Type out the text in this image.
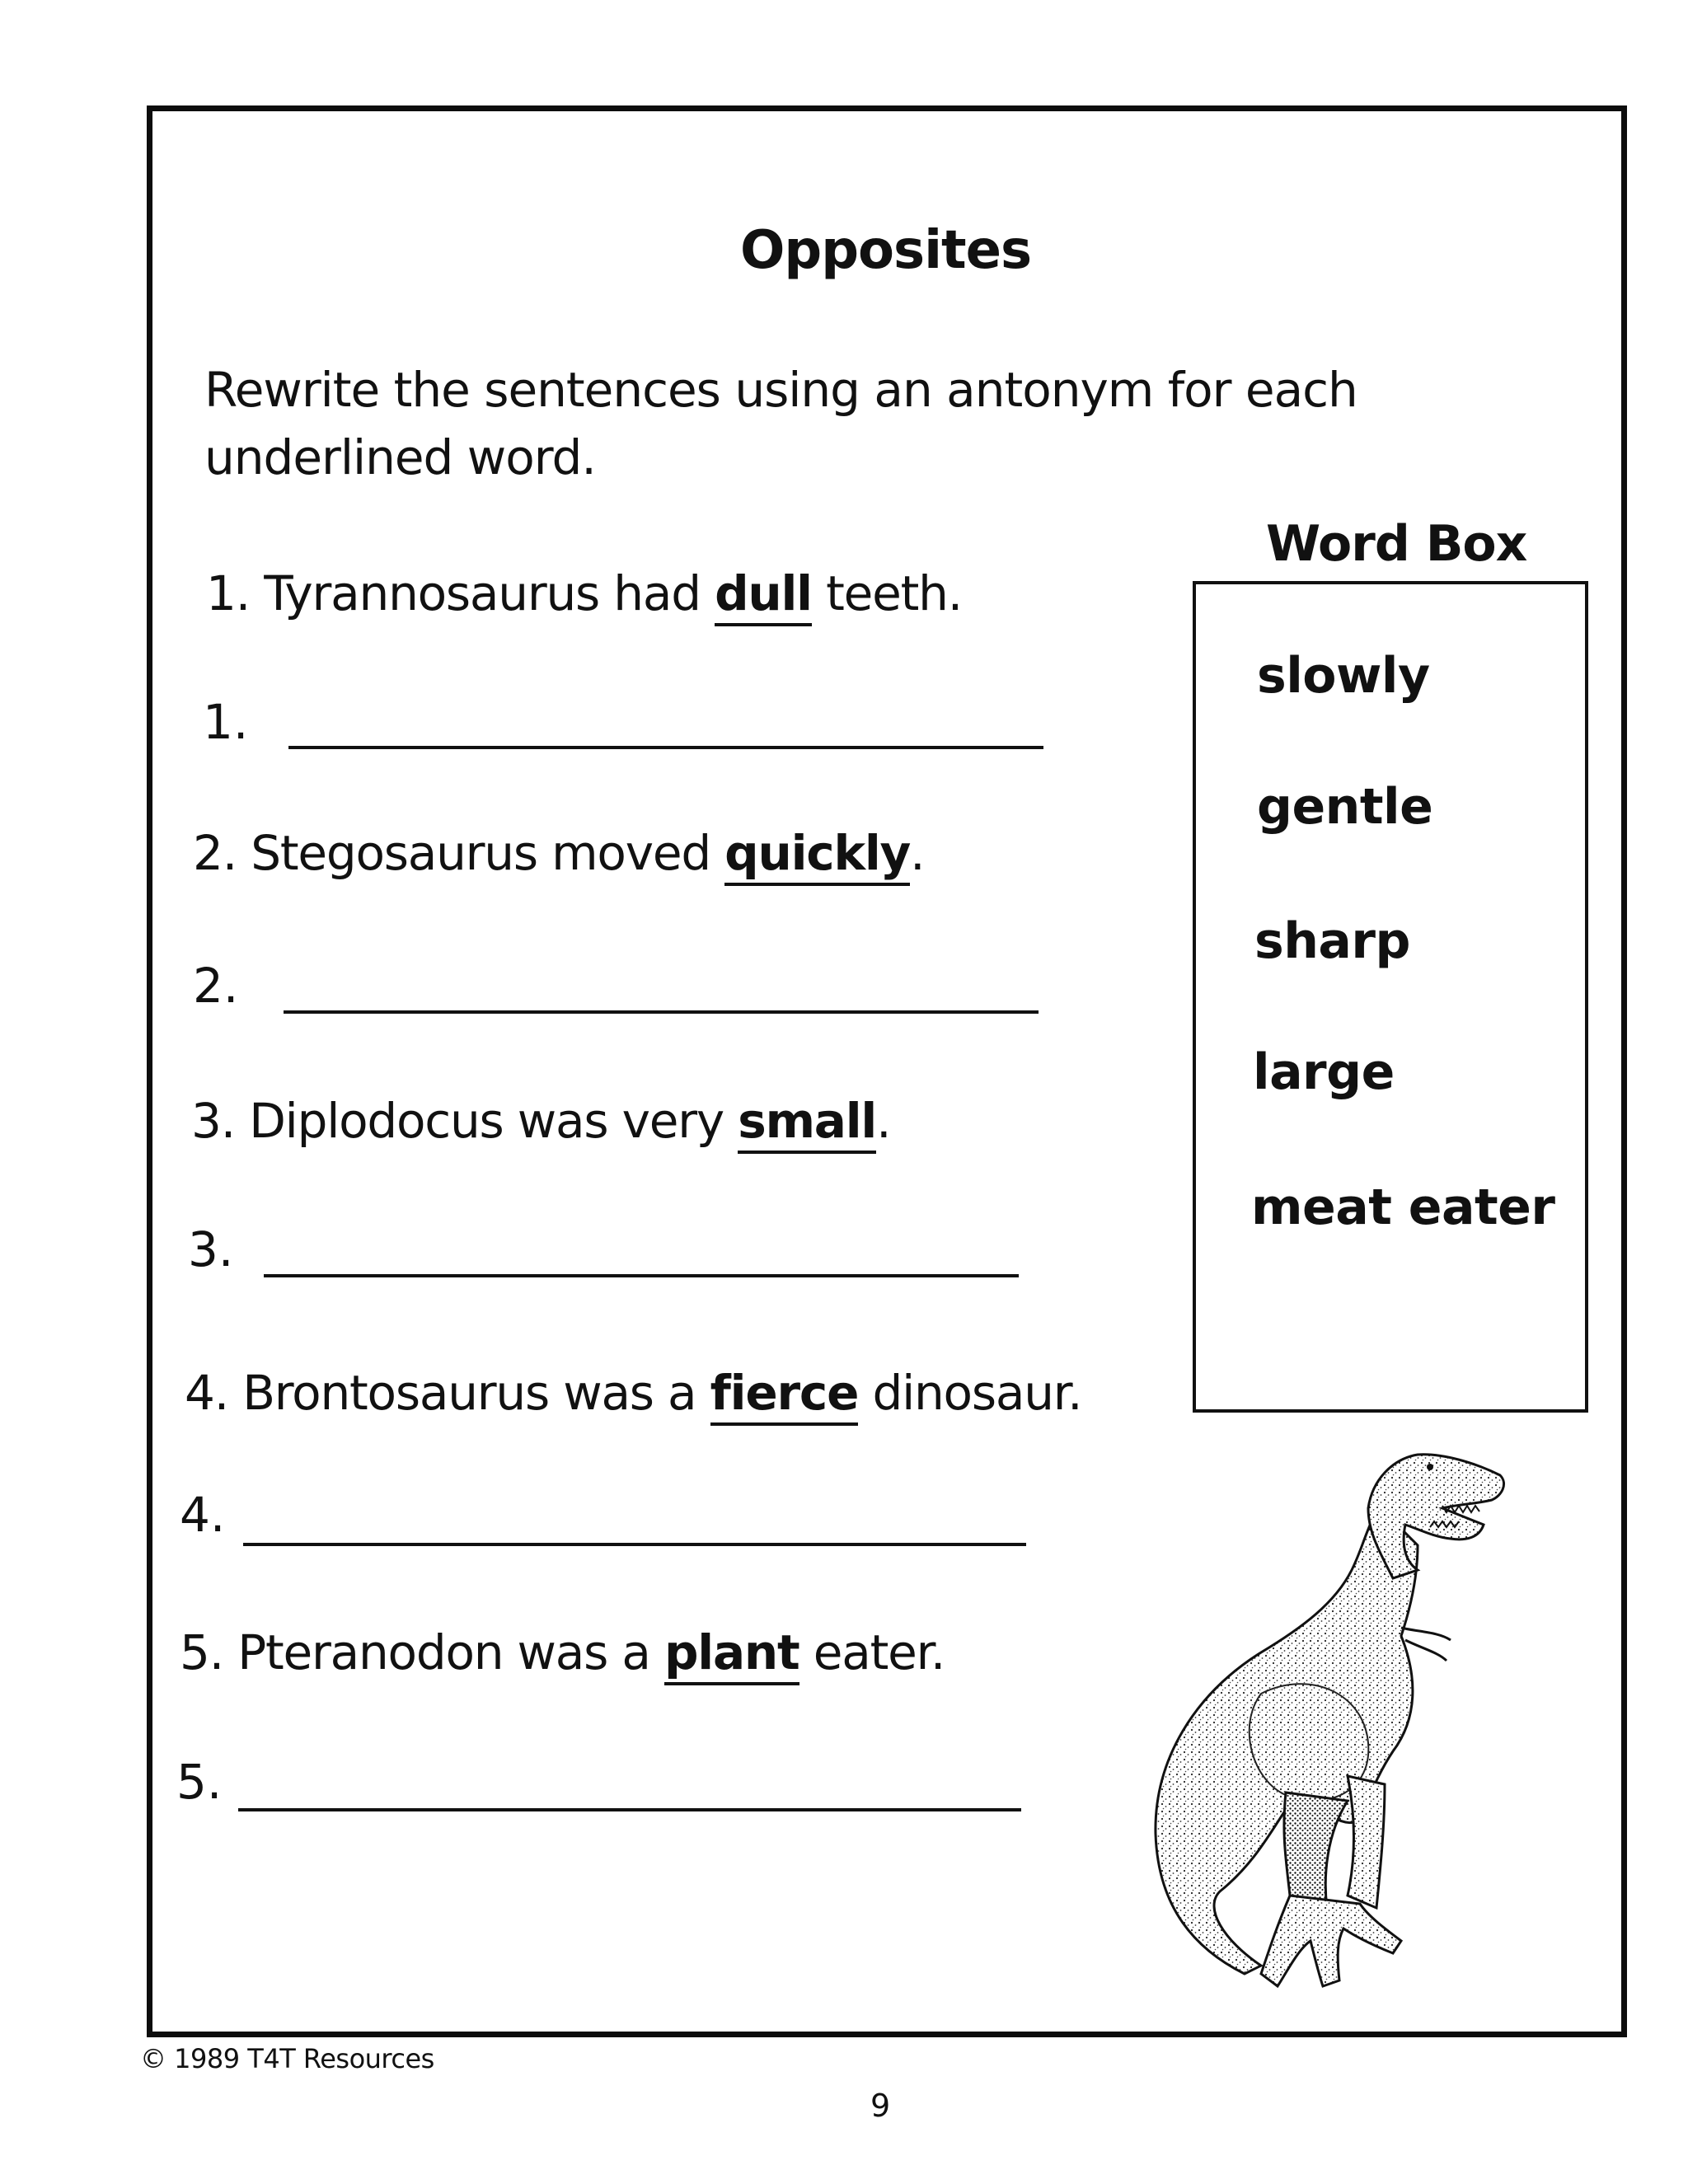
Opposites
Rewrite the sentences using an antonym for each
underlined word.
Word Box
slowly
gentle
sharp
large
meat eater
1. Tyrannosaurus had dull teeth.
1.
2. Stegosaurus moved quickly.
2.
3. Diplodocus was very small.
3.
4. Brontosaurus was a fierce dinosaur.
4.
5. Pteranodon was a plant eater.
5.
© 1989 T4T Resources
9
